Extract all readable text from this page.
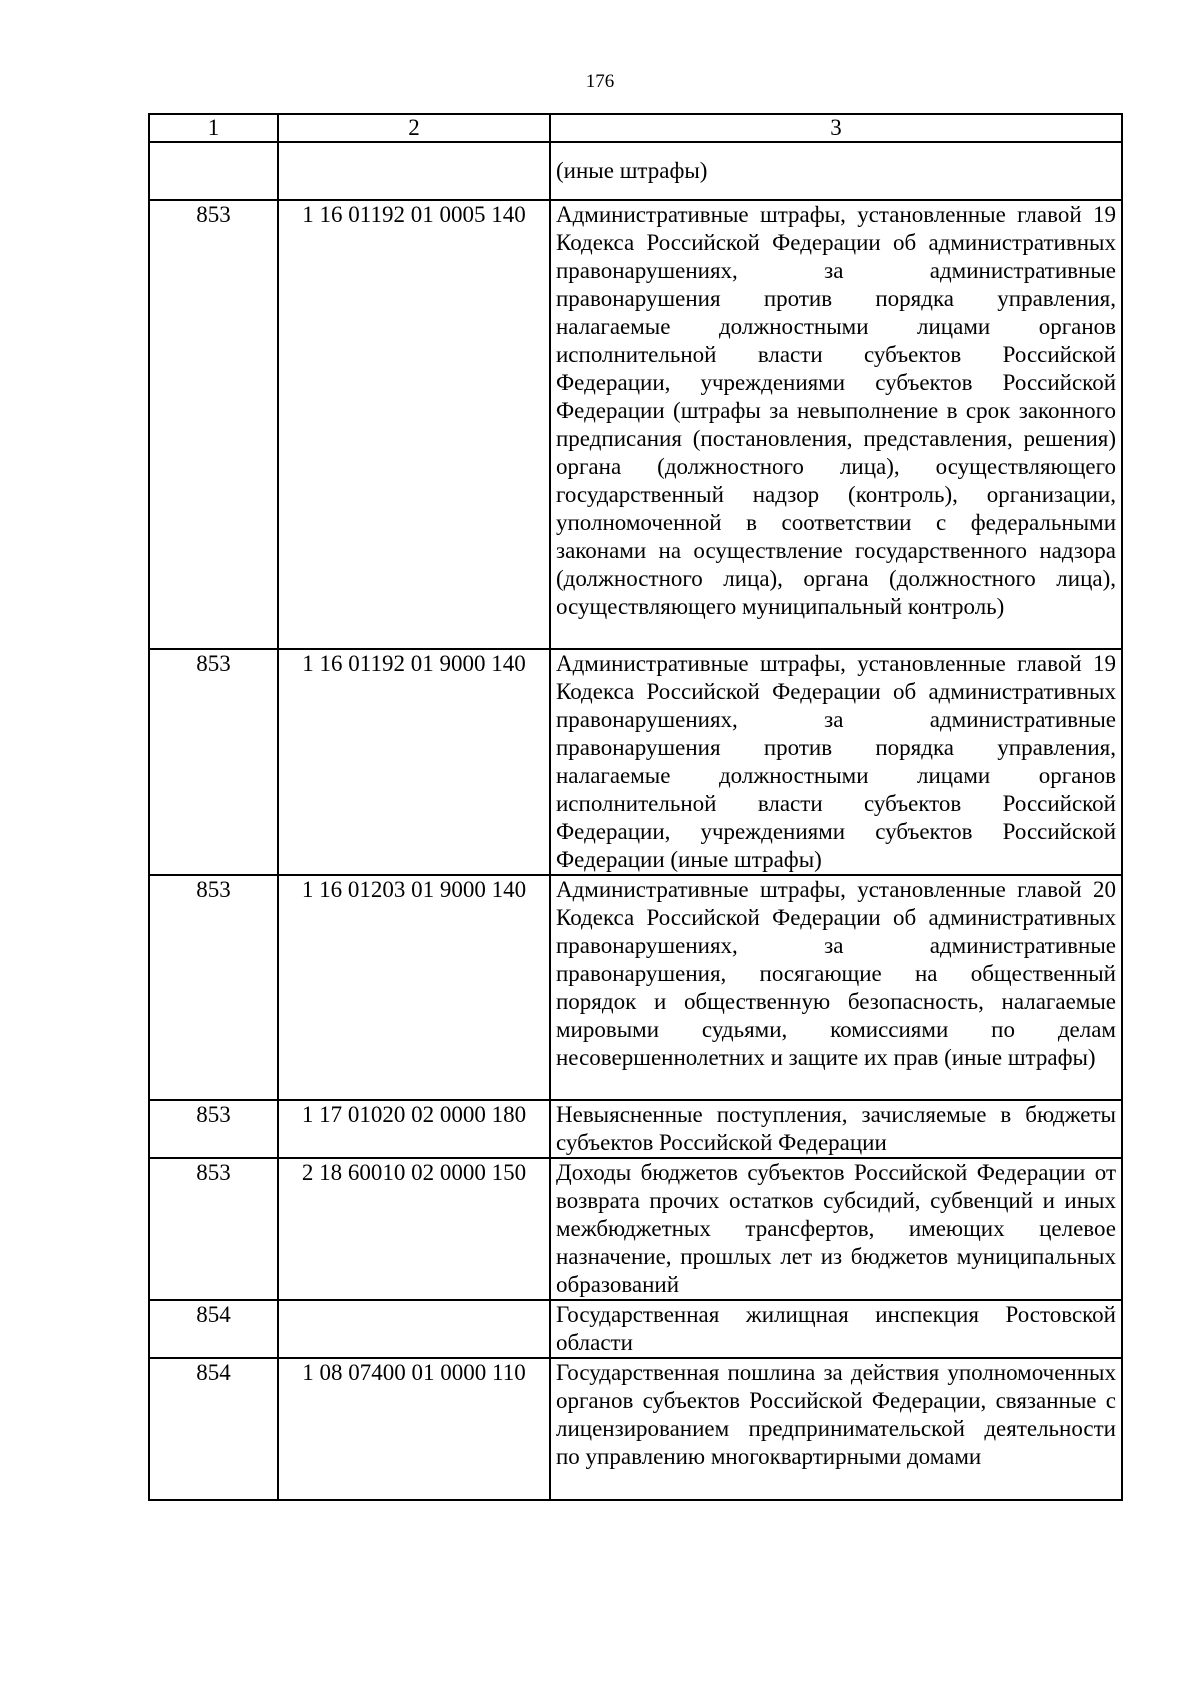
176
1	2	3
		(иные штрафы)
853	1 16 01192 01 0005 140	Административные штрафы, установленные главой 19 Кодекса Российской Федерации об административных правонарушениях, за административные правонарушения против порядка управления, налагаемые должностными лицами органов исполнительной власти субъектов Российской Федерации, учреждениями субъектов Российской Федерации (штрафы за невыполнение в срок законного предписания (постановления, представления, решения) органа (должностного лица), осуществляющего государственный надзор (контроль), организации, уполномоченной в соответствии с федеральными законами на осуществление государственного надзора (должностного лица), органа (должностного лица), осуществляющего муниципальный контроль)
853	1 16 01192 01 9000 140	Административные штрафы, установленные главой 19 Кодекса Российской Федерации об административных правонарушениях, за административные правонарушения против порядка управления, налагаемые должностными лицами органов исполнительной власти субъектов Российской Федерации, учреждениями субъектов Российской Федерации (иные штрафы)
853	1 16 01203 01 9000 140	Административные штрафы, установленные главой 20 Кодекса Российской Федерации об административных правонарушениях, за административные правонарушения, посягающие на общественный порядок и общественную безопасность, налагаемые мировыми судьями, комиссиями по делам несовершеннолетних и защите их прав (иные штрафы)
853	1 17 01020 02 0000 180	Невыясненные поступления, зачисляемые в бюджеты субъектов Российской Федерации
853	2 18 60010 02 0000 150	Доходы бюджетов субъектов Российской Федерации от возврата прочих остатков субсидий, субвенций и иных межбюджетных трансфертов, имеющих целевое назначение, прошлых лет из бюджетов муниципальных образований
854		Государственная жилищная инспекция Ростовской области
854	1 08 07400 01 0000 110	Государственная пошлина за действия уполномоченных органов субъектов Российской Федерации, связанные с лицензированием предпринимательской деятельности по управлению многоквартирными домами
